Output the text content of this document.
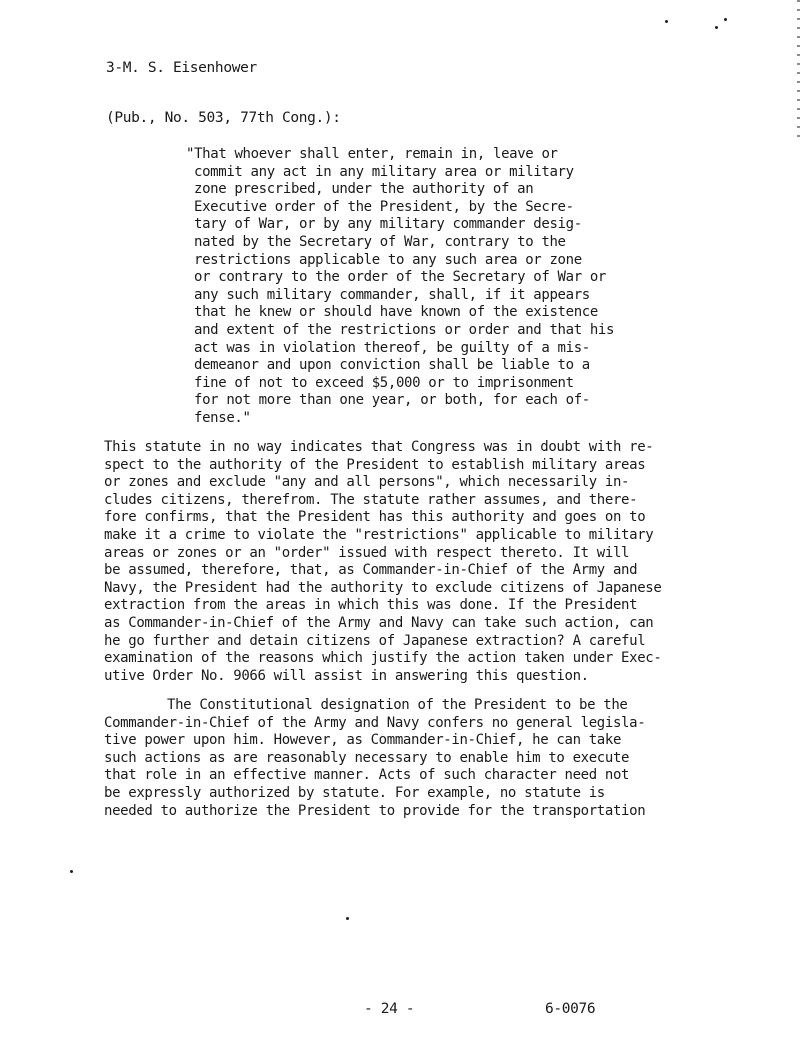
3-M. S. Eisenhower
(Pub., No. 503, 77th Cong.):
"That whoever shall enter, remain in, leave or
commit any act in any military area or military
zone prescribed, under the authority of an
Executive order of the President, by the Secre-
tary of War, or by any military commander desig-
nated by the Secretary of War, contrary to the
restrictions applicable to any such area or zone
or contrary to the order of the Secretary of War or
any such military commander, shall, if it appears
that he knew or should have known of the existence
and extent of the restrictions or order and that his
act was in violation thereof, be guilty of a mis-
demeanor and upon conviction shall be liable to a
fine of not to exceed $5,000 or to imprisonment
for not more than one year, or both, for each of-
fense."
This statute in no way indicates that Congress was in doubt with re-
spect to the authority of the President to establish military areas
or zones and exclude "any and all persons", which necessarily in-
cludes citizens, therefrom. The statute rather assumes, and there-
fore confirms, that the President has this authority and goes on to
make it a crime to violate the "restrictions" applicable to military
areas or zones or an "order" issued with respect thereto. It will
be assumed, therefore, that, as Commander-in-Chief of the Army and
Navy, the President had the authority to exclude citizens of Japanese
extraction from the areas in which this was done. If the President
as Commander-in-Chief of the Army and Navy can take such action, can
he go further and detain citizens of Japanese extraction? A careful
examination of the reasons which justify the action taken under Exec-
utive Order No. 9066 will assist in answering this question.
The Constitutional designation of the President to be the
Commander-in-Chief of the Army and Navy confers no general legisla-
tive power upon him. However, as Commander-in-Chief, he can take
such actions as are reasonably necessary to enable him to execute
that role in an effective manner. Acts of such character need not
be expressly authorized by statute. For example, no statute is
needed to authorize the President to provide for the transportation
- 24 -	6-0076
